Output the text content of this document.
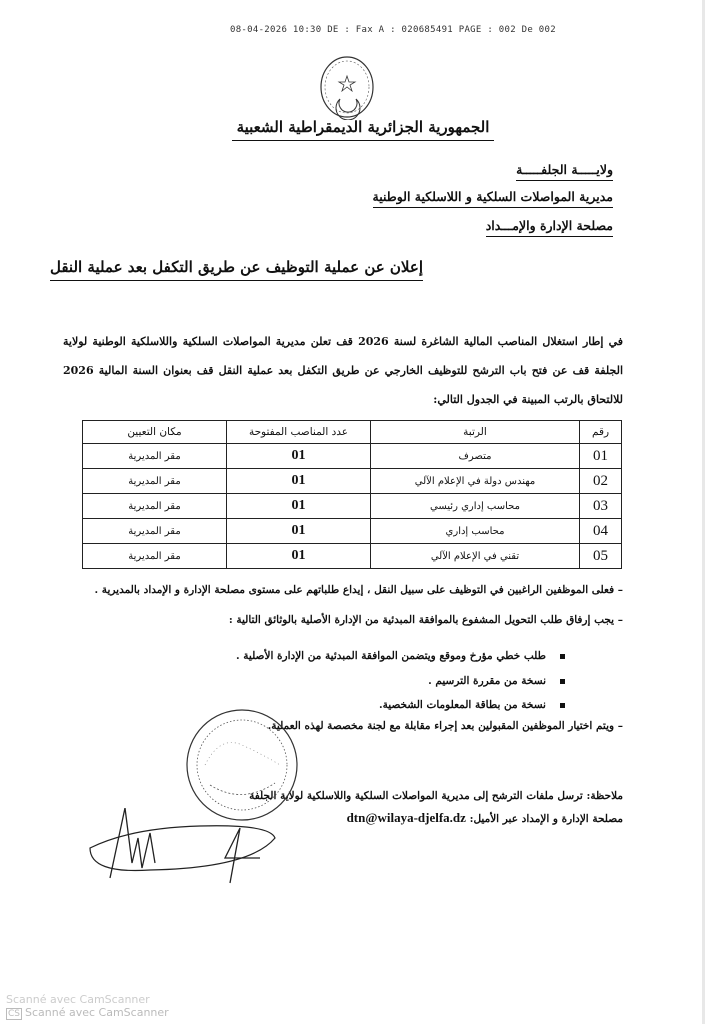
08-04-2026 10:30 DE : Fax A : 020685491 PAGE : 002 De 002
الجمهورية الجزائرية الديمقراطية الشعبية
ولايـــــة الجلفـــــة
مديرية المواصلات السلكية و اللاسلكية الوطنية
مصلحة الإدارة والإمـــداد
إعلان عن عملية التوظيف عن طريق التكفل بعد عملية النقل
في إطار استغلال المناصب المالية الشاغرة لسنة 2026 قف تعلن مديرية المواصلات السلكية واللاسلكية الوطنية لولاية الجلفة قف عن فتح باب الترشح للتوظيف الخارجي عن طريق التكفل بعد عملية النقل قف بعنوان السنة المالية 2026 للالتحاق بالرتب المبينة في الجدول التالي:
رقم	الرتبة	عدد المناصب المفتوحة	مكان التعيين
01	متصرف	01	مقر المديرية
02	مهندس دولة في الإعلام الآلي	01	مقر المديرية
03	محاسب إداري رئيسي	01	مقر المديرية
04	محاسب إداري	01	مقر المديرية
05	تقني في الإعلام الآلي	01	مقر المديرية
– فعلى الموظفين الراغبين في التوظيف على سبيل النقل ، إيداع طلباتهم على مستوى مصلحة الإدارة و الإمداد بالمديرية .
– يجب إرفاق طلب التحويل المشفوع بالموافقة المبدئية من الإدارة الأصلية بالوثائق التالية :
طلب خطي مؤرخ وموقع ويتضمن الموافقة المبدئية من الإدارة الأصلية .
نسخة من مقررة الترسيم .
نسخة من بطاقة المعلومات الشخصية.
– ويتم اختيار الموظفين المقبولين بعد إجراء مقابلة مع لجنة مخصصة لهذه العملية.
ملاحظة: ترسل ملفات الترشح إلى مديرية المواصلات السلكية واللاسلكية لولاية الجلفة
مصلحة الإدارة و الإمداد عبر الأميل: dtn@wilaya-djelfa.dz
Scanné avec CamScanner
CS Scanné avec CamScanner
